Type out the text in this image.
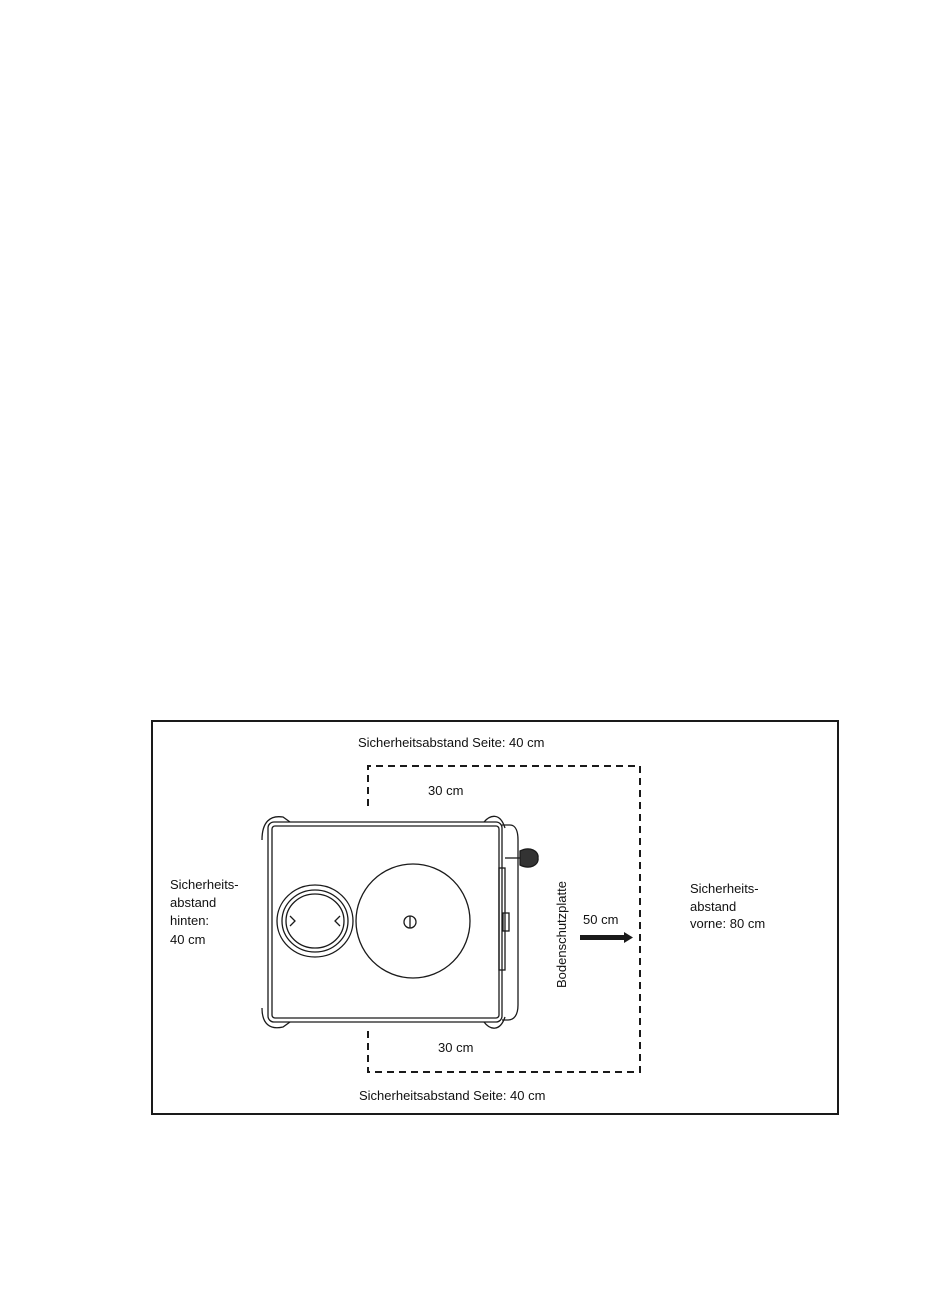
Sicherheitsabstand Seite: 40 cm
30 cm
30 cm
Sicherheitsabstand Seite: 40 cm
Sicherheits-
abstand
hinten:
40 cm
Sicherheits-
abstand
vorne: 80 cm
50 cm
Bodenschutzplatte
